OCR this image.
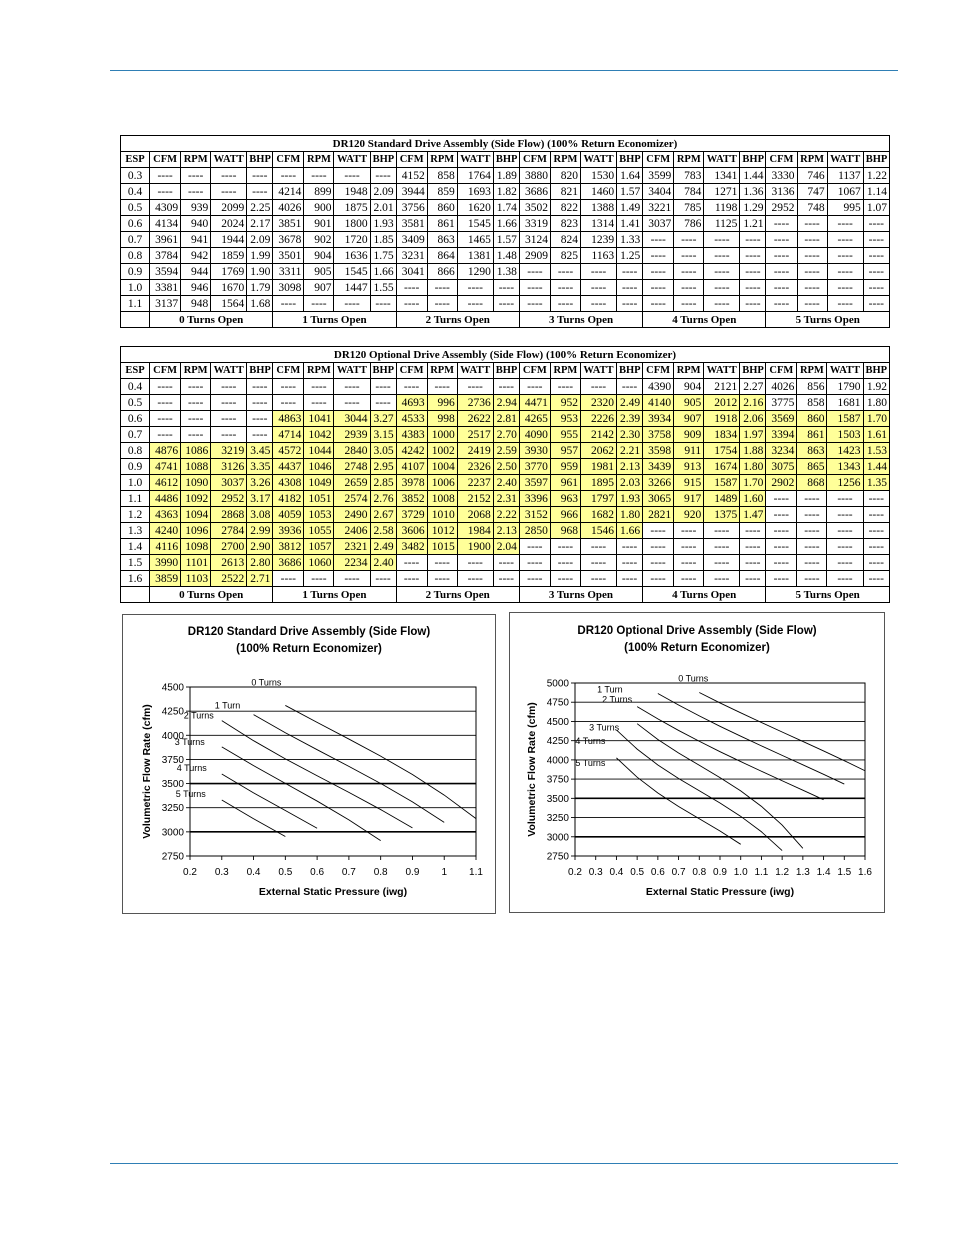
DR120 Standard Drive Assembly (Side Flow) (100% Return Economizer)																								
ESP	CFM	RPM	WATT	BHP	CFM	RPM	WATT	BHP	CFM	RPM	WATT	BHP	CFM	RPM	WATT	BHP	CFM	RPM	WATT	BHP	CFM	RPM	WATT	BHP
0.3	----	----	----	----	----	----	----	----	4152	858	1764	1.89	3880	820	1530	1.64	3599	783	1341	1.44	3330	746	1137	1.22
0.4	----	----	----	----	4214	899	1948	2.09	3944	859	1693	1.82	3686	821	1460	1.57	3404	784	1271	1.36	3136	747	1067	1.14
0.5	4309	939	2099	2.25	4026	900	1875	2.01	3756	860	1620	1.74	3502	822	1388	1.49	3221	785	1198	1.29	2952	748	995	1.07
0.6	4134	940	2024	2.17	3851	901	1800	1.93	3581	861	1545	1.66	3319	823	1314	1.41	3037	786	1125	1.21	----	----	----	----
0.7	3961	941	1944	2.09	3678	902	1720	1.85	3409	863	1465	1.57	3124	824	1239	1.33	----	----	----	----	----	----	----	----
0.8	3784	942	1859	1.99	3501	904	1636	1.75	3231	864	1381	1.48	2909	825	1163	1.25	----	----	----	----	----	----	----	----
0.9	3594	944	1769	1.90	3311	905	1545	1.66	3041	866	1290	1.38	----	----	----	----	----	----	----	----	----	----	----	----
1.0	3381	946	1670	1.79	3098	907	1447	1.55	----	----	----	----	----	----	----	----	----	----	----	----	----	----	----	----
1.1	3137	948	1564	1.68	----	----	----	----	----	----	----	----	----	----	----	----	----	----	----	----	----	----	----	----
	0 Turns Open				1 Turns Open				2 Turns Open				3 Turns Open				4 Turns Open				5 Turns Open			
DR120 Optional Drive Assembly (Side Flow) (100% Return Economizer)																								
ESP	CFM	RPM	WATT	BHP	CFM	RPM	WATT	BHP	CFM	RPM	WATT	BHP	CFM	RPM	WATT	BHP	CFM	RPM	WATT	BHP	CFM	RPM	WATT	BHP
0.4	----	----	----	----	----	----	----	----	----	----	----	----	----	----	----	----	4390	904	2121	2.27	4026	856	1790	1.92
0.5	----	----	----	----	----	----	----	----	4693	996	2736	2.94	4471	952	2320	2.49	4140	905	2012	2.16	3775	858	1681	1.80
0.6	----	----	----	----	4863	1041	3044	3.27	4533	998	2622	2.81	4265	953	2226	2.39	3934	907	1918	2.06	3569	860	1587	1.70
0.7	----	----	----	----	4714	1042	2939	3.15	4383	1000	2517	2.70	4090	955	2142	2.30	3758	909	1834	1.97	3394	861	1503	1.61
0.8	4876	1086	3219	3.45	4572	1044	2840	3.05	4242	1002	2419	2.59	3930	957	2062	2.21	3598	911	1754	1.88	3234	863	1423	1.53
0.9	4741	1088	3126	3.35	4437	1046	2748	2.95	4107	1004	2326	2.50	3770	959	1981	2.13	3439	913	1674	1.80	3075	865	1343	1.44
1.0	4612	1090	3037	3.26	4308	1049	2659	2.85	3978	1006	2237	2.40	3597	961	1895	2.03	3266	915	1587	1.70	2902	868	1256	1.35
1.1	4486	1092	2952	3.17	4182	1051	2574	2.76	3852	1008	2152	2.31	3396	963	1797	1.93	3065	917	1489	1.60	----	----	----	----
1.2	4363	1094	2868	3.08	4059	1053	2490	2.67	3729	1010	2068	2.22	3152	966	1682	1.80	2821	920	1375	1.47	----	----	----	----
1.3	4240	1096	2784	2.99	3936	1055	2406	2.58	3606	1012	1984	2.13	2850	968	1546	1.66	----	----	----	----	----	----	----	----
1.4	4116	1098	2700	2.90	3812	1057	2321	2.49	3482	1015	1900	2.04	----	----	----	----	----	----	----	----	----	----	----	----
1.5	3990	1101	2613	2.80	3686	1060	2234	2.40	----	----	----	----	----	----	----	----	----	----	----	----	----	----	----	----
1.6	3859	1103	2522	2.71	----	----	----	----	----	----	----	----	----	----	----	----	----	----	----	----	----	----	----	----
	0 Turns Open				1 Turns Open				2 Turns Open				3 Turns Open				4 Turns Open				5 Turns Open			
DR120 Standard Drive Assembly (Side Flow)
(100% Return Economizer)
2750
3000
3250
3500
3750
4000
4250
4500
0.2 0.3 0.4 0.5 0.6 0.7 0.8 0.9 1 1.1
External Static Pressure (iwg)
Volumetric Flow Rate (cfm)
0 Turns
1 Turn
2 Turns
3 Turns
4 Turns
5 Turns
DR120 Optional Drive Assembly (Side Flow)
(100% Return Economizer)
2750
3000
3250
3500
3750
4000
4250
4500
4750
5000
0.2 0.3 0.4 0.5 0.6 0.7 0.8 0.9 1.0 1.1 1.2 1.3 1.4 1.5 1.6
External Static Pressure (iwg)
Volumetric Flow Rate (cfm)
0 Turns
1 Turn
2 Turns
3 Turns
4 Turns
5 Turns
